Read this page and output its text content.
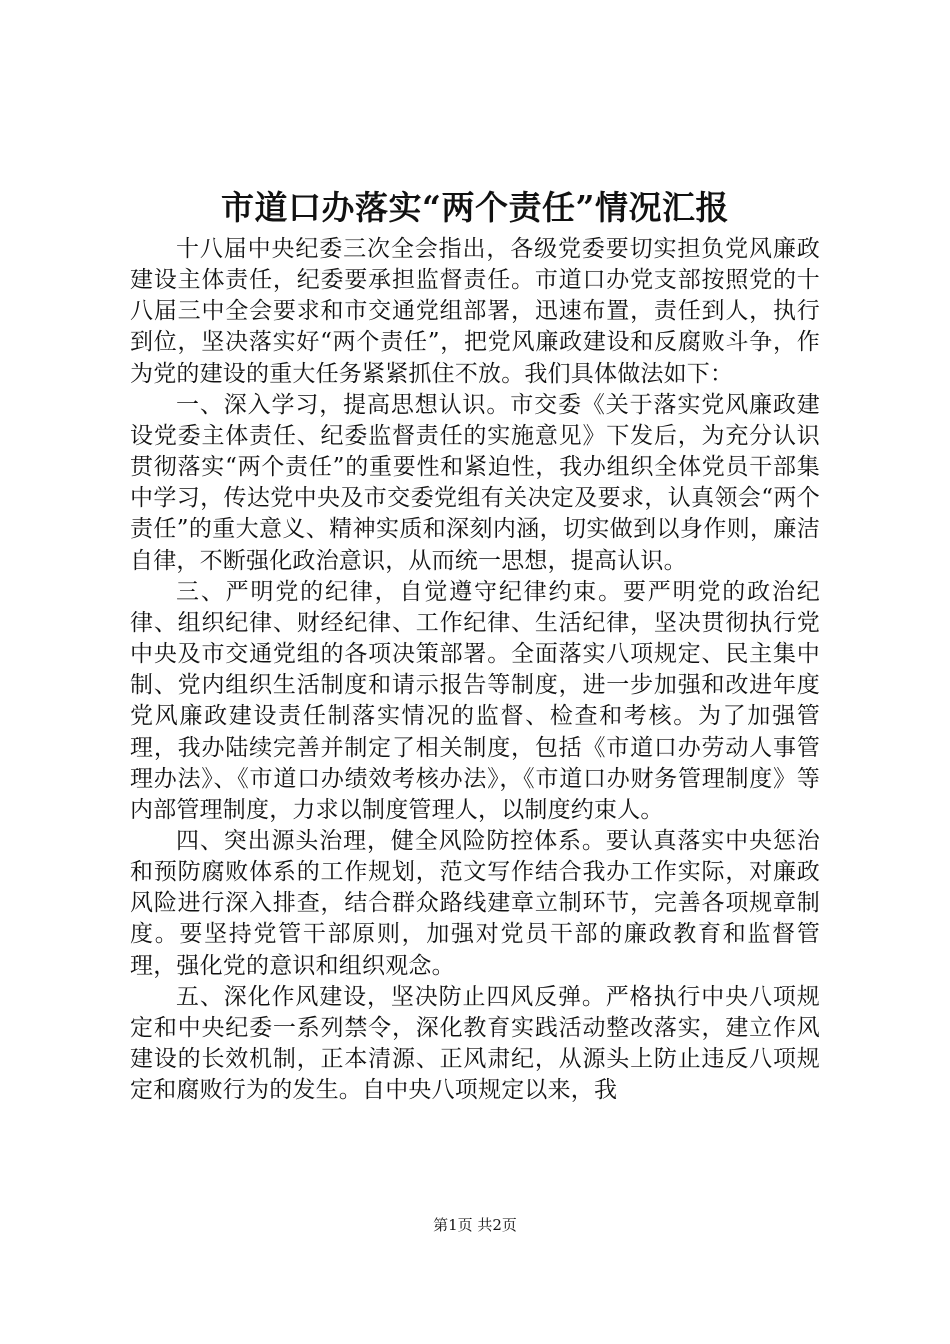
市道口办落实“两个责任”情况汇报

十八届中央纪委三次全会指出，各级党委要切实担负党风廉政建设主体责任，纪委要承担监督责任。市道口办党支部按照党的十八届三中全会要求和市交通党组部署，迅速布置，责任到人，执行到位，坚决落实好“两个责任”，把党风廉政建设和反腐败斗争，作为党的建设的重大任务紧紧抓住不放。我们具体做法如下：

一、深入学习，提高思想认识。市交委《关于落实党风廉政建设党委主体责任、纪委监督责任的实施意见》下发后，为充分认识贯彻落实“两个责任”的重要性和紧迫性，我办组织全体党员干部集中学习，传达党中央及市交委党组有关决定及要求，认真领会“两个责任”的重大意义、精神实质和深刻内涵，切实做到以身作则，廉洁自律，不断强化政治意识，从而统一思想，提高认识。

三、严明党的纪律，自觉遵守纪律约束。要严明党的政治纪律、组织纪律、财经纪律、工作纪律、生活纪律，坚决贯彻执行党中央及市交通党组的各项决策部署。全面落实八项规定、民主集中制、党内组织生活制度和请示报告等制度，进一步加强和改进年度党风廉政建设责任制落实情况的监督、检查和考核。为了加强管理，我办陆续完善并制定了相关制度，包括《市道口办劳动人事管理办法》、《市道口办绩效考核办法》，《市道口办财务管理制度》等内部管理制度，力求以制度管理人，以制度约束人。

四、突出源头治理，健全风险防控体系。要认真落实中央惩治和预防腐败体系的工作规划，范文写作结合我办工作实际，对廉政风险进行深入排查，结合群众路线建章立制环节，完善各项规章制度。要坚持党管干部原则，加强对党员干部的廉政教育和监督管理，强化党的意识和组织观念。

五、深化作风建设，坚决防止四风反弹。严格执行中央八项规定和中央纪委一系列禁令，深化教育实践活动整改落实，建立作风建设的长效机制，正本清源、正风肃纪，从源头上防止违反八项规定和腐败行为的发生。自中央八项规定以来，我

第1页 共2页
